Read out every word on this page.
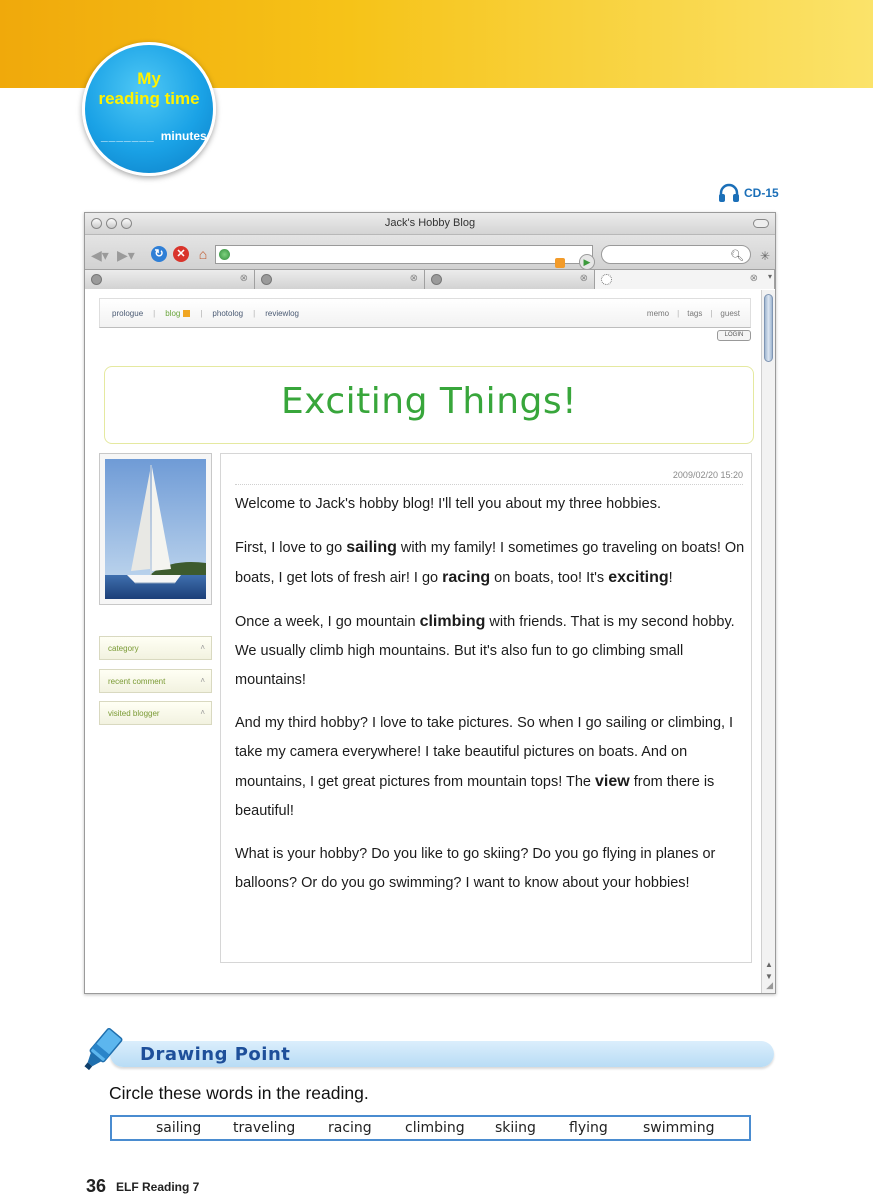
My
reading time
_______ minutes
CD-15
Jack's Hobby Blog
◀▾ ▶▾	↻	✕ ⌂	▶	🔍︎ ✳
⊗	⊗	⊗	⊗ ▾
prologue | blog	| photolog | reviewlog	memo | tags | guest
LOGIN
Exciting Things!
category	˄
recent comment	˄
visited blogger	˄
2009/02/20 15:20

Welcome to Jack's hobby blog! I'll tell you about my three hobbies.

First, I love to go sailing with my family! I sometimes go traveling on boats! On boats, I get lots of fresh air! I go racing on boats, too! It's exciting!

Once a week, I go mountain climbing with friends. That is my second hobby. We usually climb high mountains. But it's also fun to go climbing small mountains!

And my third hobby? I love to take pictures. So when I go sailing or climbing, I take my camera everywhere! I take beautiful pictures on boats. And on mountains, I get great pictures from mountain tops! The view from there is beautiful!

What is your hobby? Do you like to go skiing? Do you go flying in planes or balloons? Or do you go swimming? I want to know about your hobbies!

▲
▼
◢
Drawing Point
Circle these words in the reading.
sailing traveling racing climbing skiing flying	swimming
36 ELF Reading 7
